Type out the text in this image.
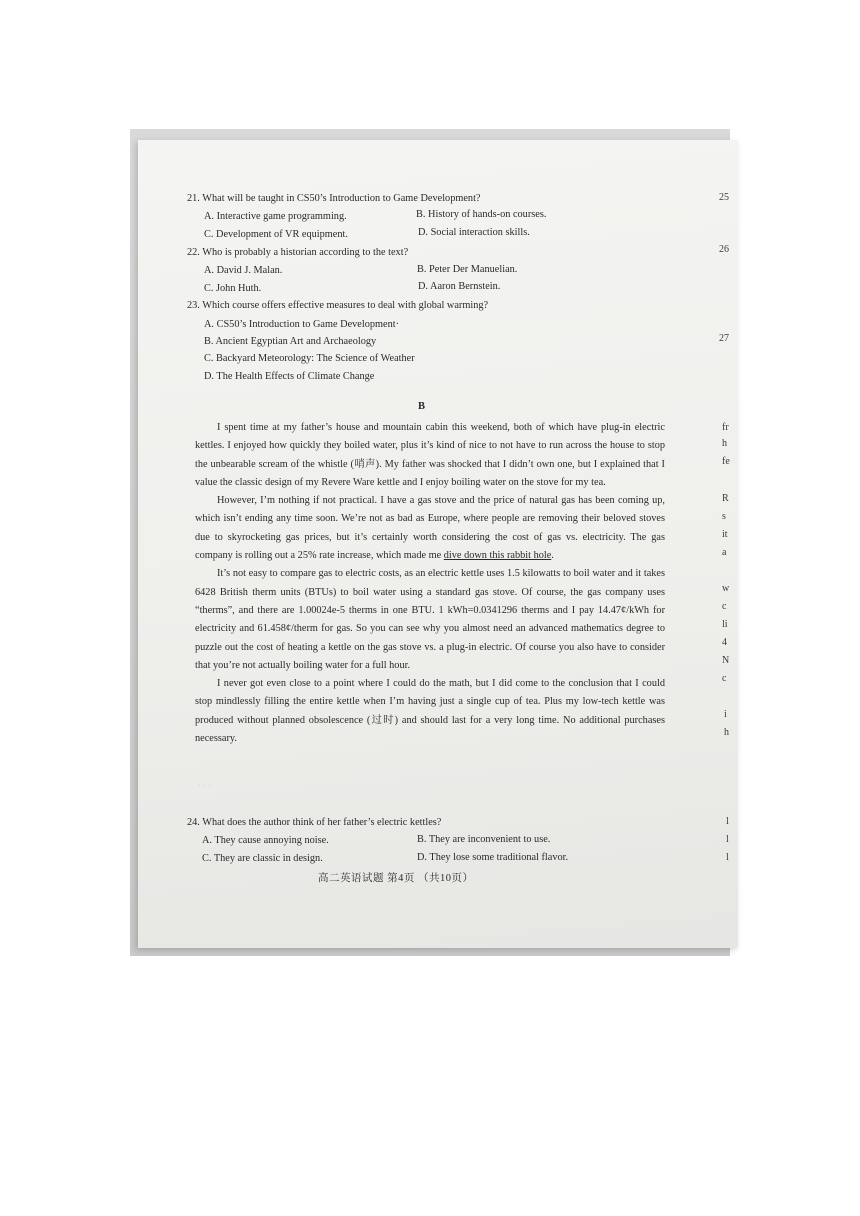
21. What will be taught in CS50’s Introduction to Game Development?
A. Interactive game programming.	B. History of hands-on courses.
C. Development of VR equipment.	D. Social interaction skills.
22. Who is probably a historian according to the text?
A. David J. Malan.	B. Peter Der Manuelian.
C. John Huth.	D. Aaron Bernstein.
23. Which course offers effective measures to deal with global warming?
A. CS50’s Introduction to Game Development·
B. Ancient Egyptian Art and Archaeology
C. Backyard Meteorology: The Science of Weather
D. The Health Effects of Climate Change
B

I spent time at my father’s house and mountain cabin this weekend, both of which have plug-in electric kettles. I enjoyed how quickly they boiled water, plus it’s kind of nice to not have to run across the house to stop the unbearable scream of the whistle (哨声). My father was shocked that I didn’t own one, but I explained that I value the classic design of my Revere Ware kettle and I enjoy boiling water on the stove for my tea.

However, I’m nothing if not practical. I have a gas stove and the price of natural gas has been coming up, which isn’t ending any time soon. We’re not as bad as Europe, where people are removing their beloved stoves due to skyrocketing gas prices, but it’s certainly worth considering the cost of gas vs. electricity. The gas company is rolling out a 25% rate increase, which made me dive down this rabbit hole.

It’s not easy to compare gas to electric costs, as an electric kettle uses 1.5 kilowatts to boil water and it takes 6428 British therm units (BTUs) to boil water using a standard gas stove. Of course, the gas company uses “therms”, and there are 1.00024e-5 therms in one BTU. 1 kWh=0.0341296 therms and I pay 14.47¢/kWh for electricity and 61.458¢/therm for gas. So you can see why you almost need an advanced mathematics degree to puzzle out the cost of heating a kettle on the gas stove vs. a plug-in electric. Of course you also have to consider that you’re not actually boiling water for a full hour.

I never got even close to a point where I could do the math, but I did come to the conclusion that I could stop mindlessly filling the entire kettle when I’m having just a single cup of tea. Plus my low-tech kettle was produced without planned obsolescence (过时) and should last for a very long time. No additional purchases necessary.

· · ·
24. What does the author think of her father’s electric kettles?
A. They cause annoying noise.	B. They are inconvenient to use.
C. They are classic in design.	D. They lose some traditional flavor.
高二英语试题 第4页 （共10页）
25
26
27
fr
h
fe
R
s
it
a
w
c
li
4
N
c
i
h
l
l
l
